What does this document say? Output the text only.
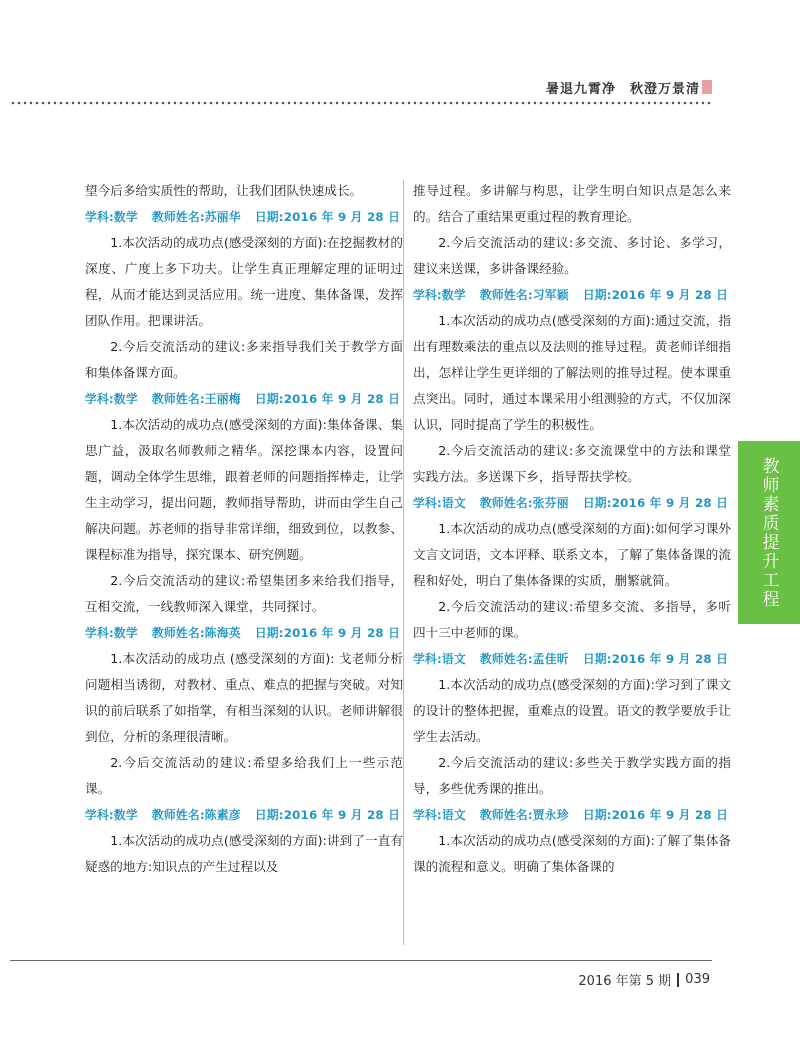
暑退九霄净　秋澄万景清

望今后多给实质性的帮助，让我们团队快速成长。

学科:数学 教师姓名:苏丽华 日期:2016 年 9 月 28 日

1.本次活动的成功点(感受深刻的方面):在挖掘教材的深度、广度上多下功夫。让学生真正理解定理的证明过程，从而才能达到灵活应用。统一进度、集体备课，发挥团队作用。把课讲活。

2.今后交流活动的建议:多来指导我们关于教学方面和集体备课方面。

学科:数学 教师姓名:王丽梅 日期:2016 年 9 月 28 日

1.本次活动的成功点(感受深刻的方面):集体备课、集思广益，汲取名师教师之精华。深挖课本内容，设置问题，调动全体学生思维，跟着老师的问题指挥棒走，让学生主动学习，提出问题，教师指导帮助，讲而由学生自己解决问题。苏老师的指导非常详细，细致到位，以教参、课程标准为指导，探究课本、研究例题。

2.今后交流活动的建议:希望集团多来给我们指导，互相交流，一线教师深入课堂，共同探讨。

学科:数学 教师姓名:陈海英 日期:2016 年 9 月 28 日

1.本次活动的成功点 (感受深刻的方面): 戈老师分析问题相当诱彻，对教材、重点、难点的把握与突破。对知识的前后联系了如指掌，有相当深刻的认识。老师讲解很到位，分析的条理很清晰。

2.今后交流活动的建议:希望多给我们上一些示范课。

学科:数学 教师姓名:陈素彦 日期:2016 年 9 月 28 日

1.本次活动的成功点(感受深刻的方面):讲到了一直有疑惑的地方:知识点的产生过程以及

推导过程。多讲解与构思，让学生明白知识点是怎么来的。结合了重结果更重过程的教育理论。

2.今后交流活动的建议:多交流、多讨论、多学习，建议来送课，多讲备课经验。

学科:数学 教师姓名:习军颖 日期:2016 年 9 月 28 日

1.本次活动的成功点(感受深刻的方面):通过交流，指出有理数乘法的重点以及法则的推导过程。黄老师详细指出，怎样让学生更详细的了解法则的推导过程。使本课重点突出。同时，通过本课采用小组测验的方式，不仅加深认识，同时提高了学生的积极性。

2.今后交流活动的建议:多交流课堂中的方法和课堂实践方法。多送课下乡，指导帮扶学校。

学科:语文 教师姓名:张芬丽 日期:2016 年 9 月 28 日

1.本次活动的成功点(感受深刻的方面):如何学习课外文言文词语，文本评释、联系文本，了解了集体备课的流程和好处，明白了集体备课的实质，删繁就简。

2.今后交流活动的建议:希望多交流、多指导，多听四十三中老师的课。

学科:语文 教师姓名:孟佳昕 日期:2016 年 9 月 28 日

1.本次活动的成功点(感受深刻的方面):学习到了课文的设计的整体把握，重难点的设置。语文的教学要放手让学生去活动。

2.今后交流活动的建议:多些关于教学实践方面的指导，多些优秀课的推出。

学科:语文 教师姓名:贾永珍 日期:2016 年 9 月 28 日

1.本次活动的成功点(感受深刻的方面):了解了集体备课的流程和意义。明确了集体备课的

教师素质提升工程
2016 年第 5 期 039
